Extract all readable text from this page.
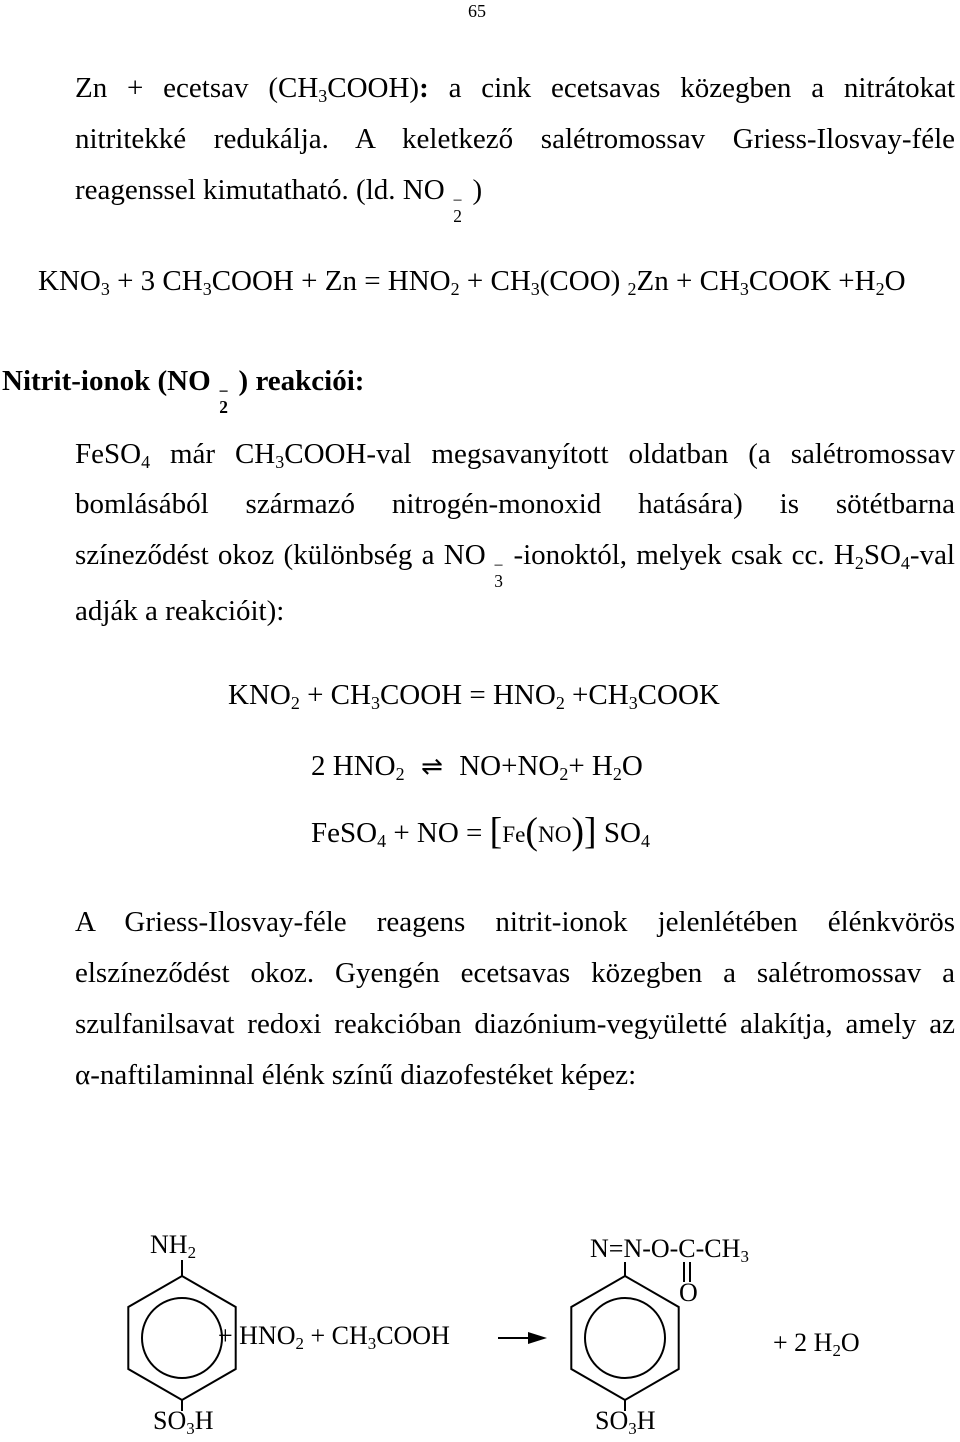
65
Zn + ecetsav $(CH_3COOH)$: a cink ecetsavas közegben a nitrátokat
nitritekké redukálja. A keletkező salétromossav Griess-Ilosvay-féle
reagenssel kimutatható. (ld. NO −
2
)
$KNO_3 + 3$ $CH_3COOH + Zn = HNO_2 + CH_3(COO) _2Zn$ + $CH_3COOK +H_2O$
Nitrit-ionok (NO −
2
) reakciói:
FeSO$_4$ már $CH_3COOH$-val megsavanyított oldatban (a salétromossav
bomlásából származó nitrogén-monoxid hatására) is sötétbarna
színeződést okoz (különbség a NO −
3
-ionoktól, melyek csak cc. $H_2SO_4$-val
adják a reakcióit):
$KNO_2$ + $CH_3COOH = HNO_2$ $+CH_3COOK$
2 $HNO_2$ ⇌ $NO+NO_2+ H_2O$
FeSO$_4$ + NO = [Fe(NO)] $SO_4$
A Griess-Ilosvay-féle reagens nitrit-ionok jelenlétében élénkvörös
elszíneződést okoz. Gyengén ecetsavas közegben a salétromossav a
szulfanilsavat redoxi reakcióban diazónium-vegyületté alakítja, amely az
α-naftilaminnal élénk színű diazofestéket képez:
$NH_2$
$SO_3H$
+ $HNO_2$ + $CH_3COOH$
$N=N-O-C-CH_3$
O
$SO_3H$
+ 2 $H_2O$
